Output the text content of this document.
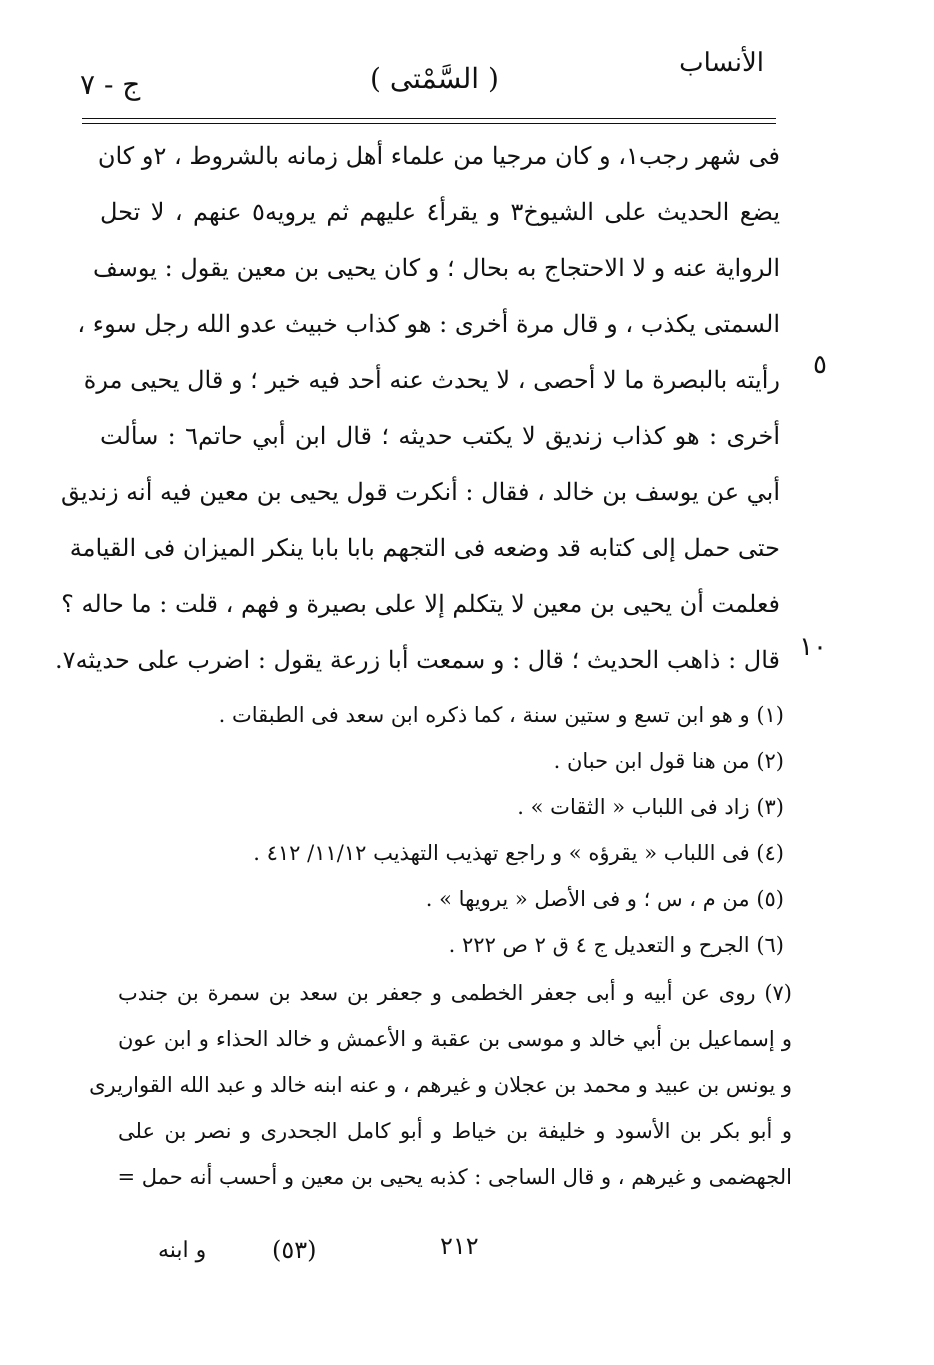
ج - ٧	( السَّمْتى )	الأنساب
فى شهر رجب١، و كان مرجيا من علماء أهل زمانه بالشروط ، ٢و كان
يضع الحديث على الشيوخ٣ و يقرأ٤ عليهم ثم يرويه٥ عنهم ، لا تحل
الرواية عنه و لا الاحتجاج به بحال ؛ و كان يحيى بن معين يقول : يوسف
السمتى يكذب ، و قال مرة أخرى : هو كذاب خبيث عدو الله رجل سوء ،
رأيته بالبصرة ما لا أحصى ، لا يحدث عنه أحد فيه خير ؛ و قال يحيى مرة
أخرى : هو كذاب زنديق لا يكتب حديثه ؛ قال ابن أبي حاتم٦ : سألت
أبي عن يوسف بن خالد ، فقال : أنكرت قول يحيى بن معين فيه أنه زنديق
حتى حمل إلى كتابه قد وضعه فى التجهم بابا بابا ينكر الميزان فى القيامة
فعلمت أن يحيى بن معين لا يتكلم إلا على بصيرة و فهم ، قلت : ما حاله ؟
قال : ذاهب الحديث ؛ قال : و سمعت أبا زرعة يقول : اضرب على حديثه٧.
٥
١٠
(١) و هو ابن تسع و ستين سنة ، كما ذكره ابن سعد فى الطبقات .
(٢) من هنا قول ابن حبان .
(٣) زاد فى اللباب « الثقات » .
(٤) فى اللباب « يقرؤه » و راجع تهذيب التهذيب ١١/١٢/ ٤١٢ .
(٥) من م ، س ؛ و فى الأصل « يرويها » .
(٦) الجرح و التعديل ج ٤ ق ٢ ص ٢٢٢ .
(٧) روى عن أبيه و أبى جعفر الخطمى و جعفر بن سعد بن سمرة بن جندب
و إسماعيل بن أبي خالد و موسى بن عقبة و الأعمش و خالد الحذاء و ابن عون
و يونس بن عبيد و محمد بن عجلان و غيرهم ، و عنه ابنه خالد و عبد الله القواريرى
و أبو بكر بن الأسود و خليفة بن خياط و أبو كامل الجحدرى و نصر بن على
الجهضمى و غيرهم ، و قال الساجى : كذبه يحيى بن معين و أحسب أنه حمل =
٢١٢
(٥٣)
و ابنه
